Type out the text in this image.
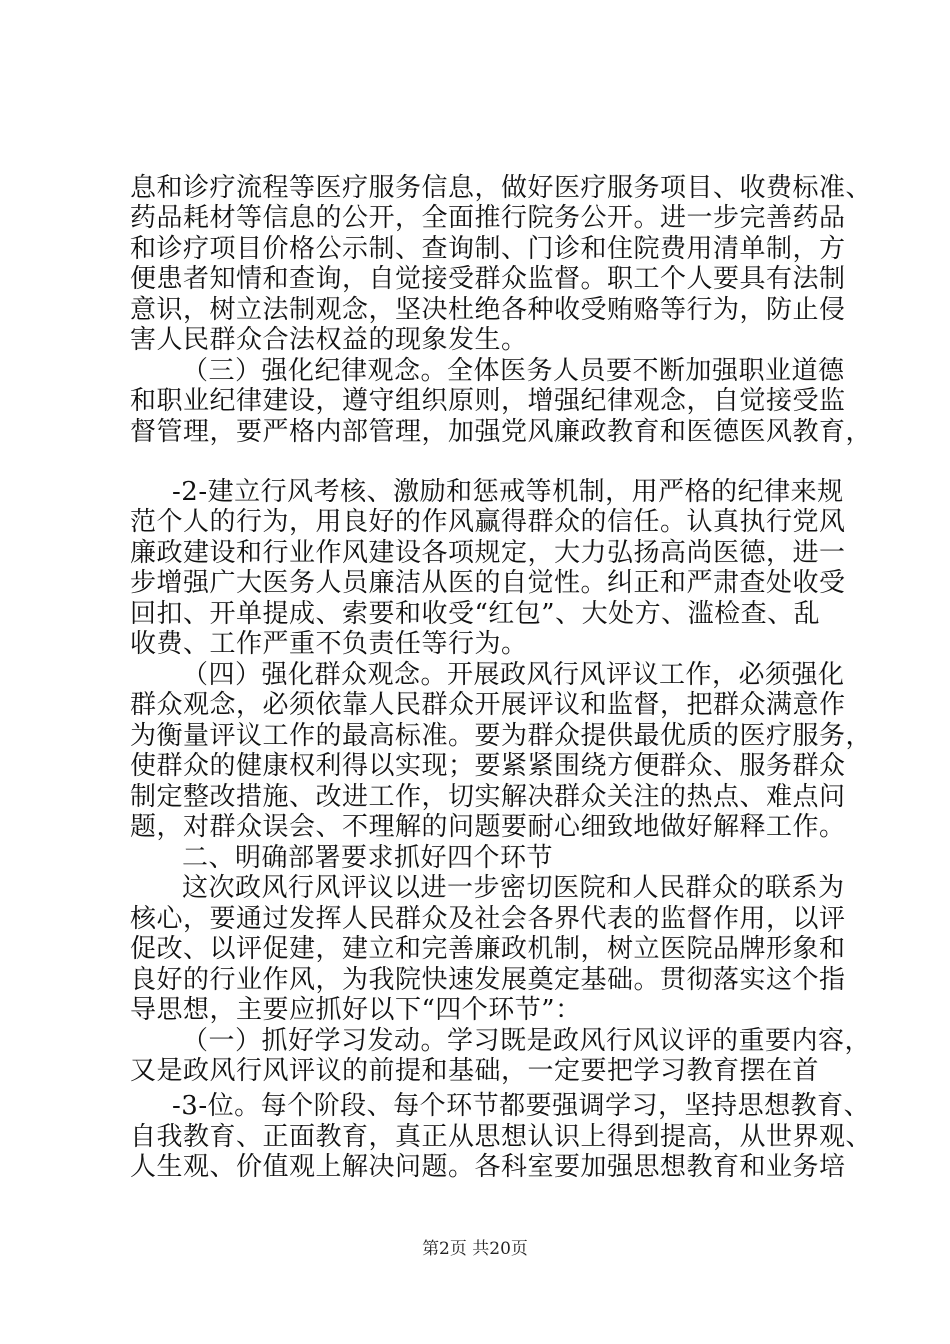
息和诊疗流程等医疗服务信息，做好医疗服务项目、收费标准、
药品耗材等信息的公开，全面推行院务公开。进一步完善药品
和诊疗项目价格公示制、查询制、门诊和住院费用清单制，方
便患者知情和查询，自觉接受群众监督。职工个人要具有法制
意识，树立法制观念，坚决杜绝各种收受贿赂等行为，防止侵
害人民群众合法权益的现象发生。
（三）强化纪律观念。全体医务人员要不断加强职业道德
和职业纪律建设，遵守组织原则，增强纪律观念，自觉接受监
督管理，要严格内部管理，加强党风廉政教育和医德医风教育，
-2-建立行风考核、激励和惩戒等机制，用严格的纪律来规
范个人的行为，用良好的作风赢得群众的信任。认真执行党风
廉政建设和行业作风建设各项规定，大力弘扬高尚医德，进一
步增强广大医务人员廉洁从医的自觉性。纠正和严肃查处收受
回扣、开单提成、索要和收受“红包”、大处方、滥检查、乱
收费、工作严重不负责任等行为。
（四）强化群众观念。开展政风行风评议工作，必须强化
群众观念，必须依靠人民群众开展评议和监督，把群众满意作
为衡量评议工作的最高标准。要为群众提供最优质的医疗服务，
使群众的健康权利得以实现；要紧紧围绕方便群众、服务群众
制定整改措施、改进工作，切实解决群众关注的热点、难点问
题，对群众误会、不理解的问题要耐心细致地做好解释工作。
二、明确部署要求抓好四个环节
这次政风行风评议以进一步密切医院和人民群众的联系为
核心，要通过发挥人民群众及社会各界代表的监督作用，以评
促改、以评促建，建立和完善廉政机制，树立医院品牌形象和
良好的行业作风，为我院快速发展奠定基础。贯彻落实这个指
导思想，主要应抓好以下“四个环节”：
（一）抓好学习发动。学习既是政风行风议评的重要内容，
又是政风行风评议的前提和基础，一定要把学习教育摆在首
-3-位。每个阶段、每个环节都要强调学习，坚持思想教育、
自我教育、正面教育，真正从思想认识上得到提高，从世界观、
人生观、价值观上解决问题。各科室要加强思想教育和业务培
第2页 共20页
